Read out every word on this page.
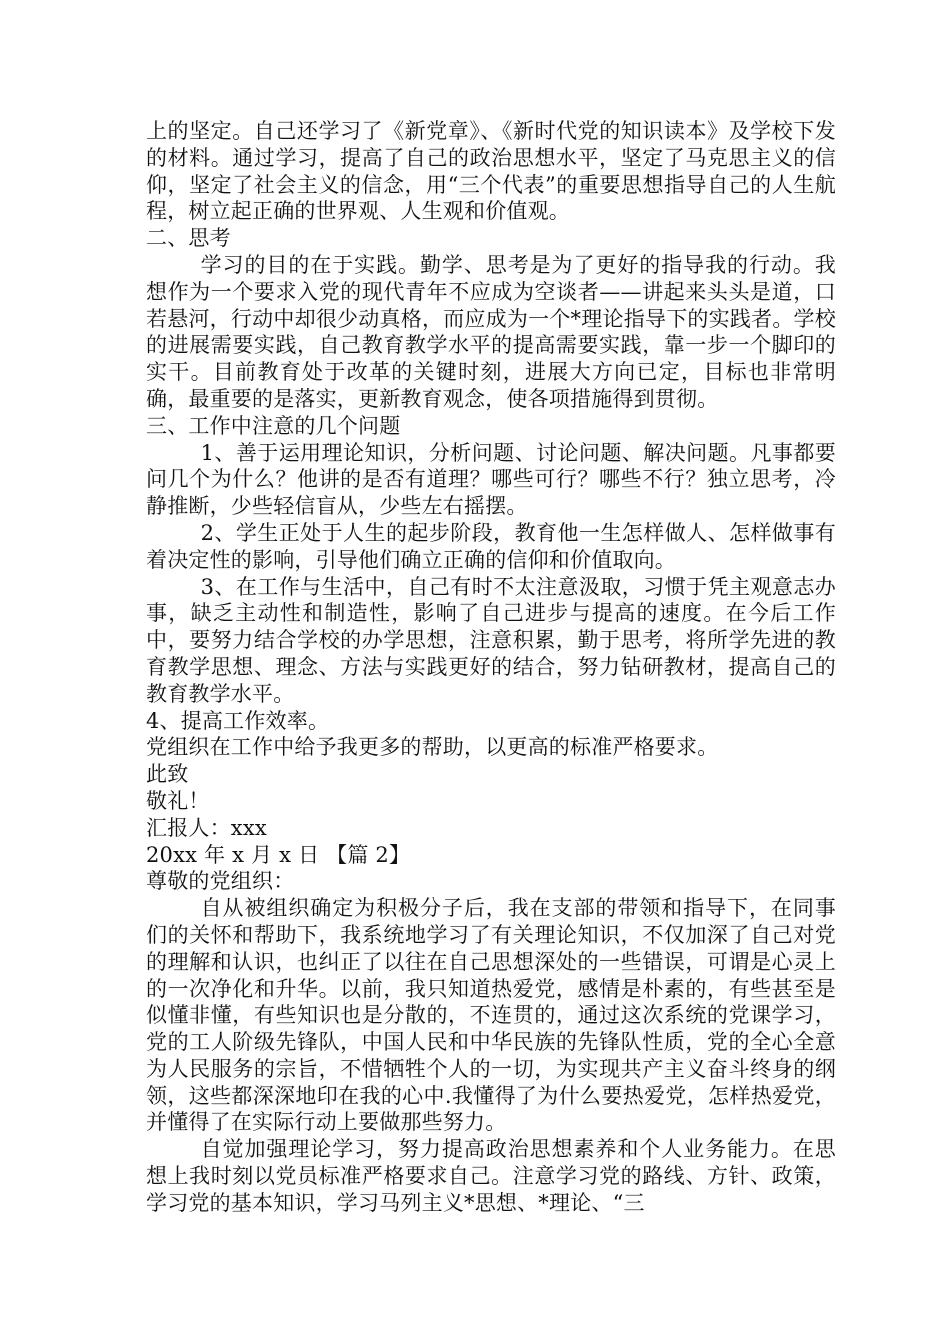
上的坚定。自己还学习了《新党章》、《新时代党的知识读本》及学校下发的材料。通过学习，提高了自己的政治思想水平，坚定了马克思主义的信仰，坚定了社会主义的信念，用“三个代表”的重要思想指导自己的人生航程，树立起正确的世界观、人生观和价值观。

二、思考

学习的目的在于实践。勤学、思考是为了更好的指导我的行动。我想作为一个要求入党的现代青年不应成为空谈者——讲起来头头是道，口若悬河，行动中却很少动真格，而应成为一个*理论指导下的实践者。学校的进展需要实践，自己教育教学水平的提高需要实践，靠一步一个脚印的实干。目前教育处于改革的关键时刻，进展大方向已定，目标也非常明确，最重要的是落实，更新教育观念，使各项措施得到贯彻。

三、工作中注意的几个问题

1、善于运用理论知识，分析问题、讨论问题、解决问题。凡事都要问几个为什么？他讲的是否有道理？哪些可行？哪些不行？独立思考，冷静推断，少些轻信盲从，少些左右摇摆。

2、学生正处于人生的起步阶段，教育他一生怎样做人、怎样做事有着决定性的影响，引导他们确立正确的信仰和价值取向。

3、在工作与生活中，自己有时不太注意汲取，习惯于凭主观意志办事，缺乏主动性和制造性，影响了自己进步与提高的速度。在今后工作中，要努力结合学校的办学思想，注意积累，勤于思考，将所学先进的教育教学思想、理念、方法与实践更好的结合，努力钻研教材，提高自己的教育教学水平。

4、提高工作效率。

党组织在工作中给予我更多的帮助，以更高的标准严格要求。

此致

敬礼！

汇报人：xxx

20xx 年 x 月 x 日 【篇 2】

尊敬的党组织：

自从被组织确定为积极分子后，我在支部的带领和指导下，在同事们的关怀和帮助下，我系统地学习了有关理论知识，不仅加深了自己对党的理解和认识，也纠正了以往在自己思想深处的一些错误，可谓是心灵上的一次净化和升华。以前，我只知道热爱党，感情是朴素的，有些甚至是似懂非懂，有些知识也是分散的，不连贯的，通过这次系统的党课学习，党的工人阶级先锋队，中国人民和中华民族的先锋队性质，党的全心全意为人民服务的宗旨，不惜牺牲个人的一切，为实现共产主义奋斗终身的纲领，这些都深深地印在我的心中.我懂得了为什么要热爱党，怎样热爱党，并懂得了在实际行动上要做那些努力。

自觉加强理论学习，努力提高政治思想素养和个人业务能力。在思想上我时刻以党员标准严格要求自己。注意学习党的路线、方针、政策，学习党的基本知识，学习马列主义*思想、*理论、“三
